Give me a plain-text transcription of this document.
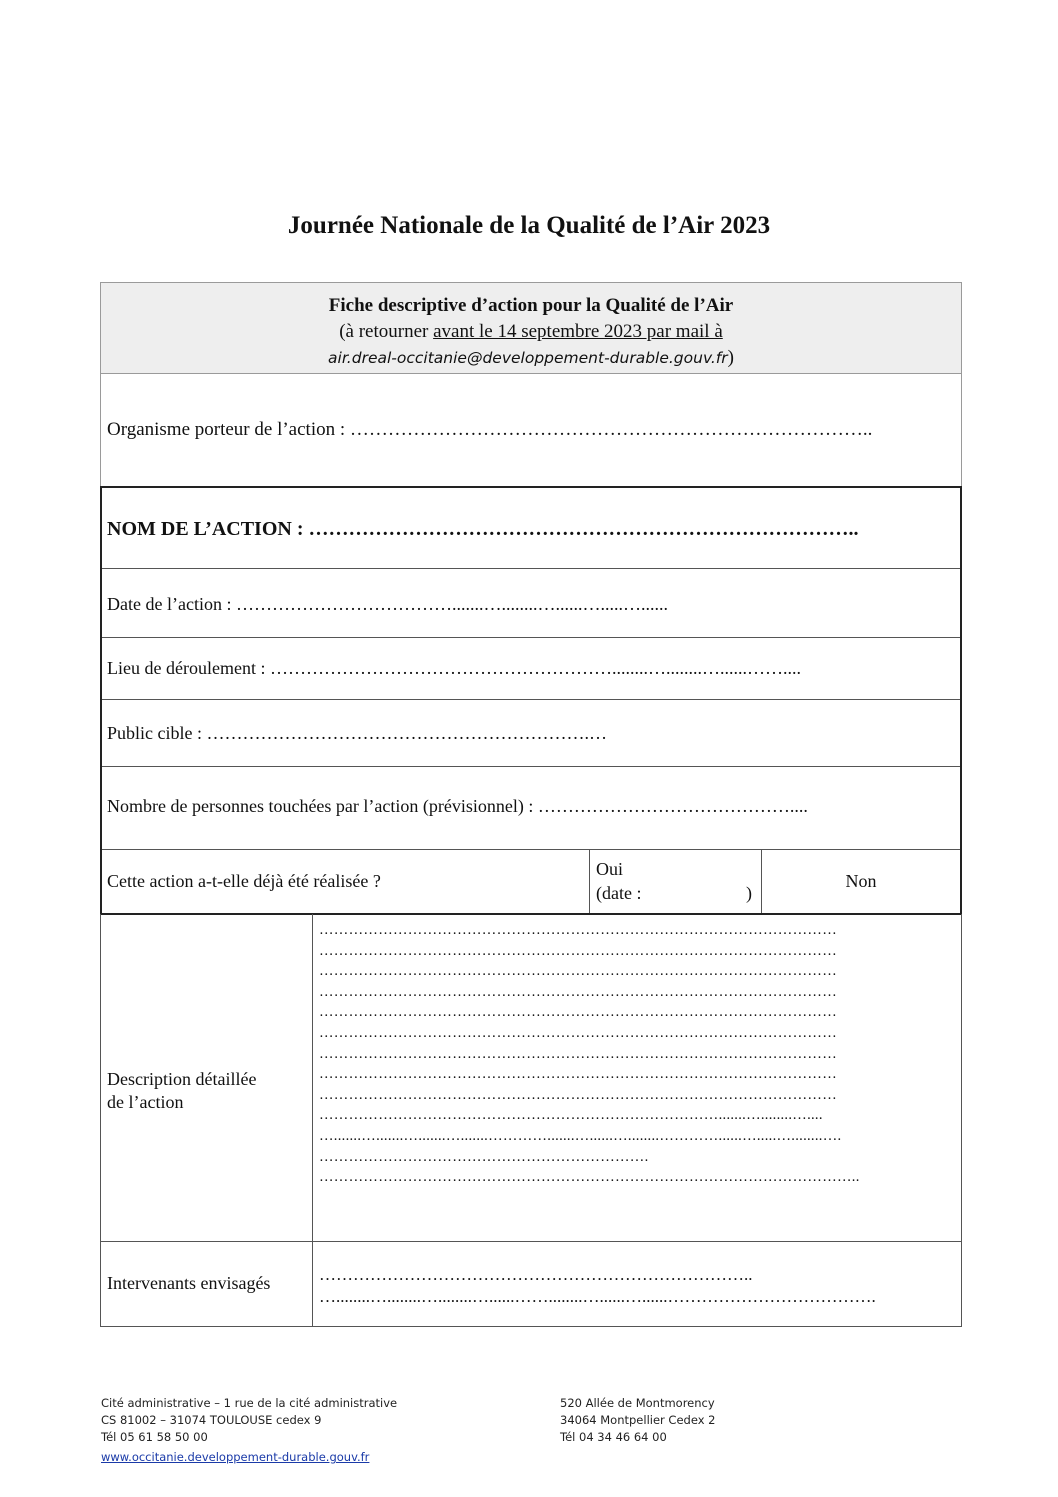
Journée Nationale de la Qualité de l’Air 2023
Fiche descriptive d’action pour la Qualité de l’Air
(à retourner avant le 14 septembre 2023 par mail à
air.dreal-occitanie@developpement-durable.gouv.fr)
Organisme porteur de l’action : ………………………………………………………………………..
NOM DE L’ACTION : ………………………………………………………………………..
Date de l’action : ……………………………….......…........…......….....…......
Lieu de déroulement : …………………………………………………........…........…......……....
Public cible : ……………………………………………………….…
Nombre de personnes touchées par l’action (prévisionnel) : ……………………………………....
Cette action a-t-elle déjà été réalisée ?
Oui
(date :	)
Non
Description détaillée
de l’action
……………………………………………………………………………………………
……………………………………………………………………………………………
……………………………………………………………………………………………
……………………………………………………………………………………………
……………………………………………………………………………………………
……………………………………………………………………………………………
……………………………………………………………………………………………
……………………………………………………………………………………………
……………………………………………………………………………………………
……………………………………………………………………….......…........…....
….......….......….......….......………….......…......…........…………......….....…........….
………………………………………………………….
………………………………………………………………………………………………..
Intervenants envisagés	…………………………………………………………………..
…........…........…........…......……........…......…......……………………………….
Cité administrative – 1 rue de la cité administrative
CS 81002 – 31074 TOULOUSE cedex 9
Tél 05 61 58 50 00
www.occitanie.developpement-durable.gouv.fr
520 Allée de Montmorency
34064 Montpellier Cedex 2
Tél 04 34 46 64 00
